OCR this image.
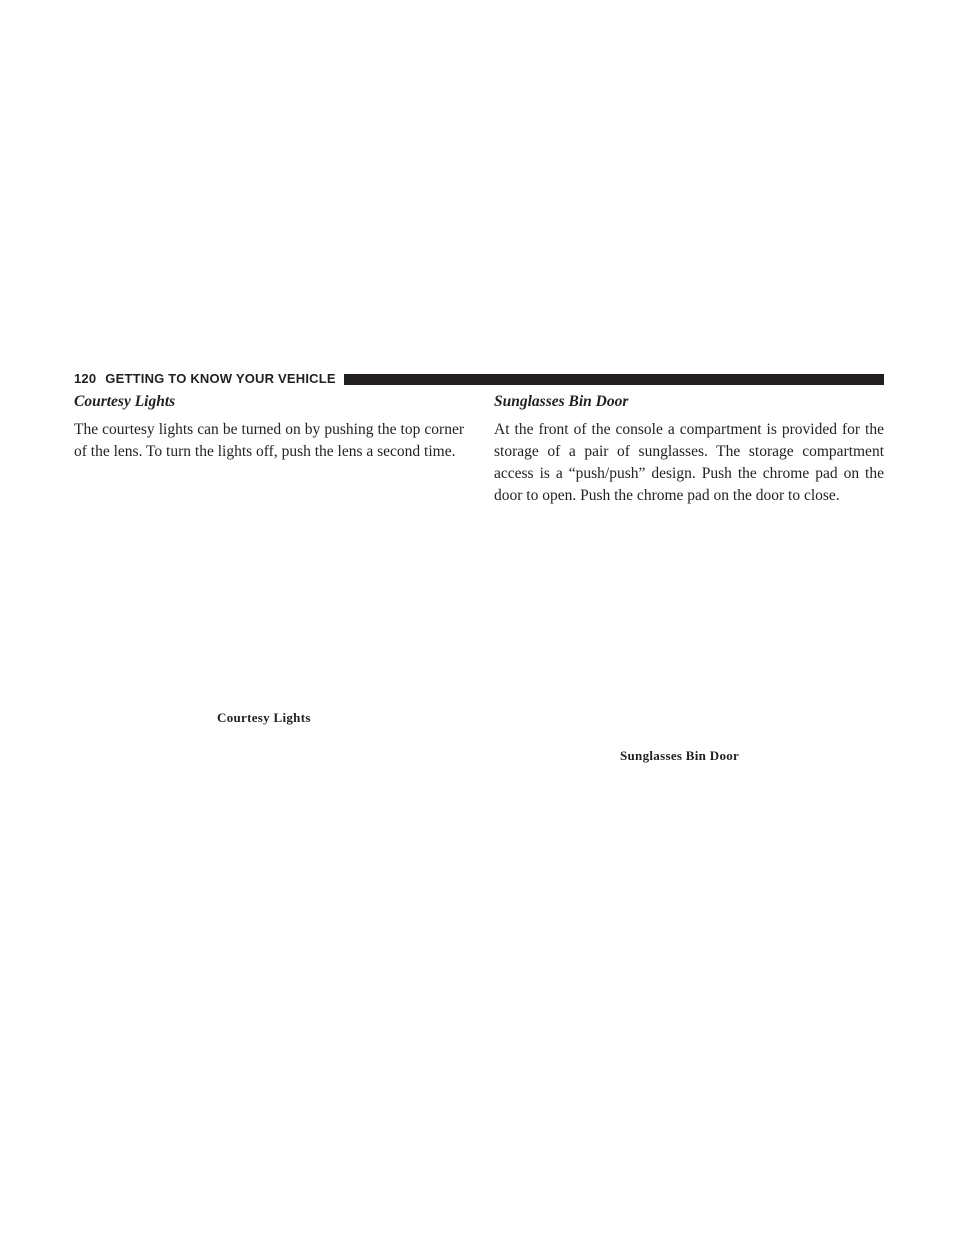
120 GETTING TO KNOW YOUR VEHICLE
Courtesy Lights

The courtesy lights can be turned on by pushing the top corner of the lens. To turn the lights off, push the lens a second time.

Courtesy Lights
Sunglasses Bin Door

At the front of the console a compartment is provided for the storage of a pair of sunglasses. The storage compartment access is a “push/push” design. Push the chrome pad on the door to open. Push the chrome pad on the door to close.

Sunglasses Bin Door
